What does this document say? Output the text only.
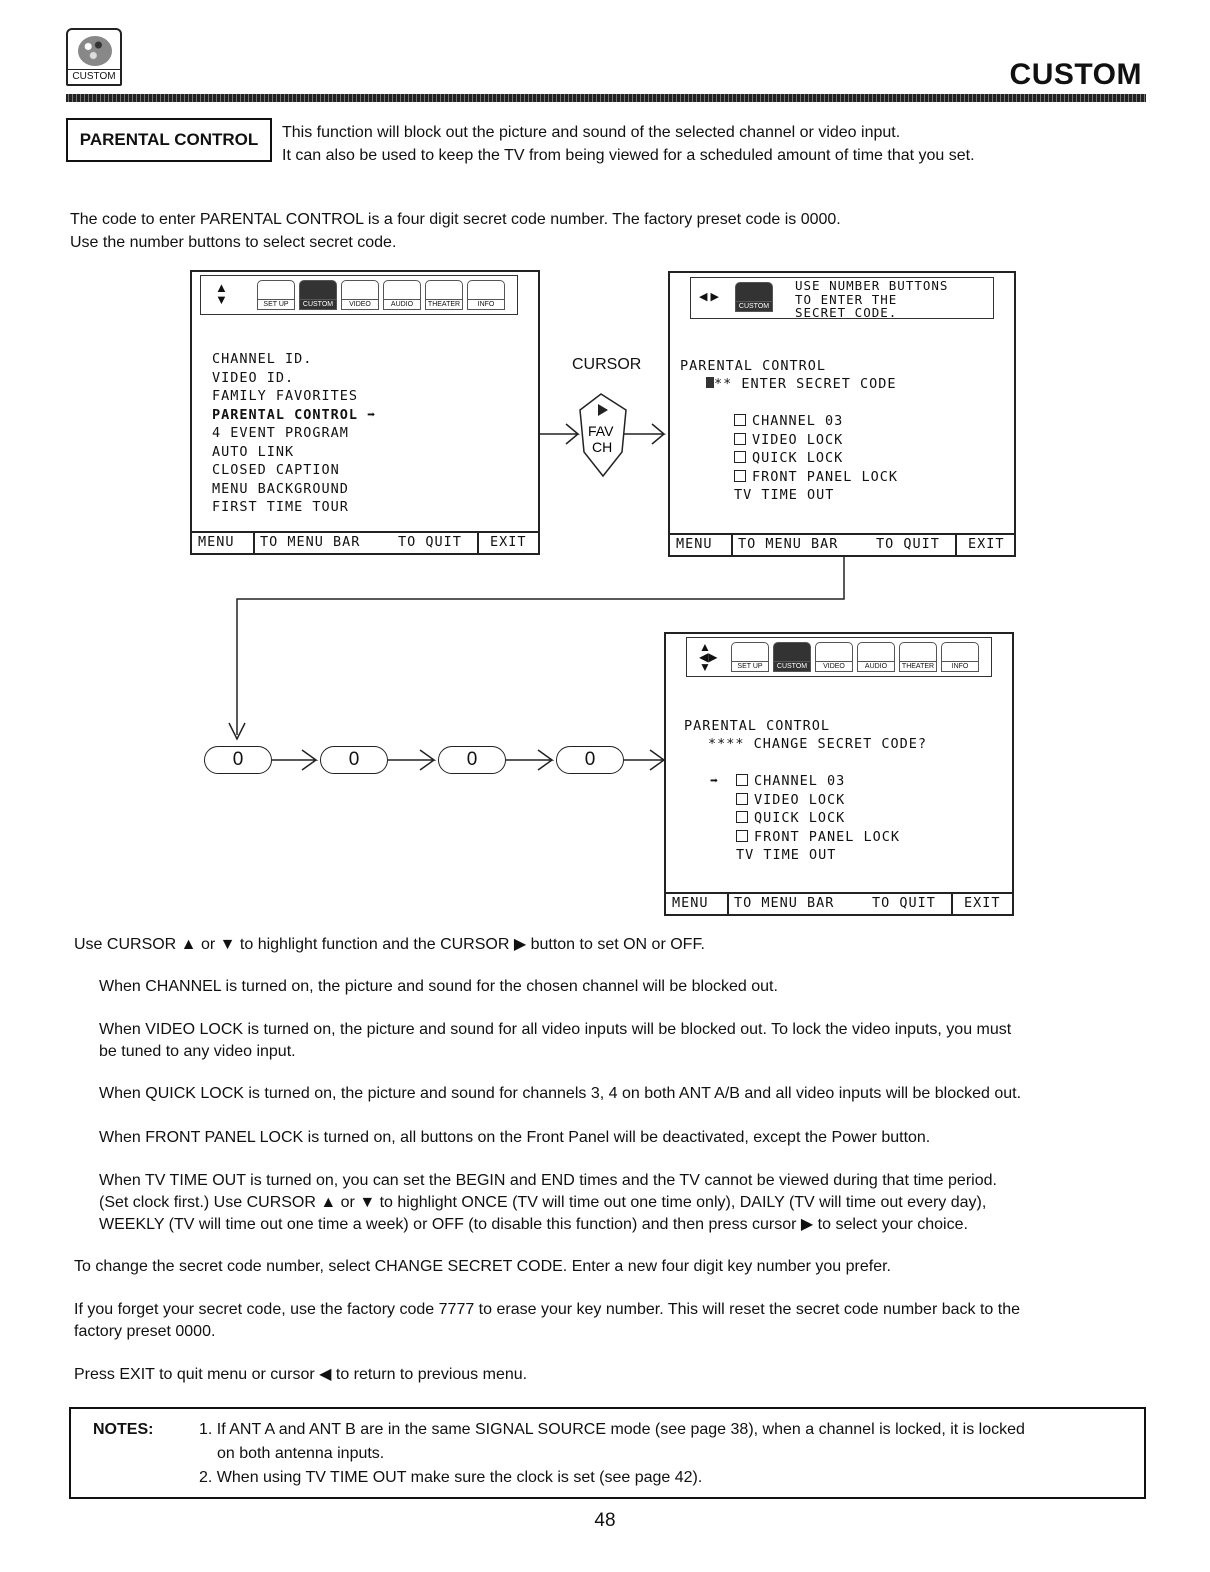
CUSTOM	CUSTOM
PARENTAL CONTROL	This function will block out the picture and sound of the selected channel or video input.
It can also be used to keep the TV from being viewed for a scheduled amount of time that you set.
The code to enter PARENTAL CONTROL is a four digit secret code number. The factory preset code is 0000.
Use the number buttons to select secret code.
▲
▼	SET UP	CUSTOM	VIDEO	AUDIO	THEATER	INFO
CHANNEL ID.
VIDEO ID.
FAMILY FAVORITES
PARENTAL CONTROL ➡
4 EVENT PROGRAM
AUTO LINK
CLOSED CAPTION
MENU BACKGROUND
FIRST TIME TOUR
MENU TO MENU BAR	TO QUIT EXIT
CURSOR
FAV
CH
◀ ▶
CUSTOM
USE NUMBER BUTTONS
TO ENTER THE
SECRET CODE.
PARENTAL CONTROL
** ENTER SECRET CODE
CHANNEL 03
VIDEO LOCK
QUICK LOCK
FRONT PANEL LOCK
TV TIME OUT
MENU TO MENU BAR	TO QUIT EXIT
0	0	0	0
▲
◀▶
▼	SET UP	CUSTOM	VIDEO	AUDIO	THEATER	INFO
PARENTAL CONTROL
**** CHANGE SECRET CODE?
➡	CHANNEL 03
VIDEO LOCK
QUICK LOCK
FRONT PANEL LOCK
TV TIME OUT
MENU TO MENU BAR	TO QUIT EXIT
Use CURSOR ▲ or ▼ to highlight function and the CURSOR ▶ button to set ON or OFF.
When CHANNEL is turned on, the picture and sound for the chosen channel will be blocked out.
When VIDEO LOCK is turned on, the picture and sound for all video inputs will be blocked out. To lock the video inputs, you must
be tuned to any video input.
When QUICK LOCK is turned on, the picture and sound for channels 3, 4 on both ANT A/B and all video inputs will be blocked out.
When FRONT PANEL LOCK is turned on, all buttons on the Front Panel will be deactivated, except the Power button.
When TV TIME OUT is turned on, you can set the BEGIN and END times and the TV cannot be viewed during that time period.
(Set clock first.) Use CURSOR ▲ or ▼ to highlight ONCE (TV will time out one time only), DAILY (TV will time out every day),
WEEKLY (TV will time out one time a week) or OFF (to disable this function) and then press cursor ▶ to select your choice.
To change the secret code number, select CHANGE SECRET CODE. Enter a new four digit key number you prefer.
If you forget your secret code, use the factory code 7777 to erase your key number. This will reset the secret code number back to the
factory preset 0000.
Press EXIT to quit menu or cursor ◀ to return to previous menu.
NOTES:	1. If ANT A and ANT B are in the same SIGNAL SOURCE mode (see page 38), when a channel is locked, it is locked
on both antenna inputs.
2. When using TV TIME OUT make sure the clock is set (see page 42).
48
